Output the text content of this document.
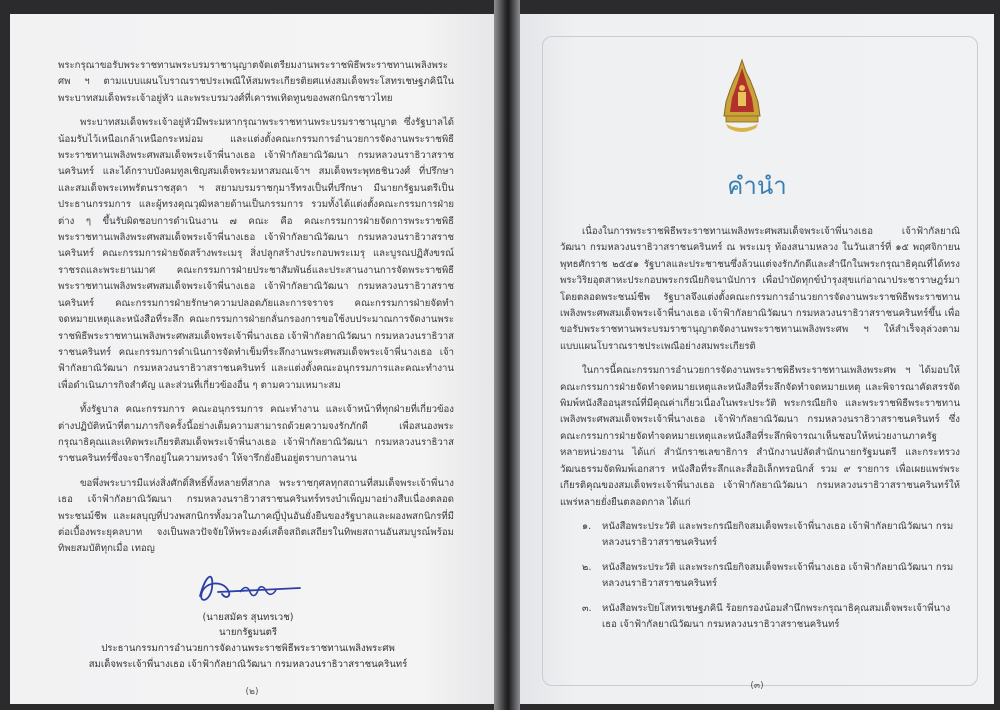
พระกรุณาขอรับพระราชทานพระบรมราชานุญาตจัดเตรียมงานพระราชพิธีพระราชทานเพลิงพระศพ ฯ ตามแบบแผนโบราณราชประเพณีให้สมพระเกียรติยศแห่งสมเด็จพระโสทรเชษฐภคินีในพระบาทสมเด็จพระเจ้าอยู่หัว และพระบรมวงศ์ที่เคารพเทิดทูนของพสกนิกรชาวไทย

พระบาทสมเด็จพระเจ้าอยู่หัวมีพระมหากรุณาพระราชทานพระบรมราชานุญาต ซึ่งรัฐบาลได้น้อมรับไว้เหนือเกล้าเหนือกระหม่อม และแต่งตั้งคณะกรรมการอำนวยการจัดงานพระราชพิธีพระราชทานเพลิงพระศพสมเด็จพระเจ้าพี่นางเธอ เจ้าฟ้ากัลยาณิวัฒนา กรมหลวงนราธิวาสราชนครินทร์ และได้กราบบังคมทูลเชิญสมเด็จพระมหาสมณเจ้าฯ สมเด็จพระพุทธชินวงศ์ ที่ปรึกษา และสมเด็จพระเทพรัตนราชสุดา ฯ สยามบรมราชกุมารีทรงเป็นที่ปรึกษา มีนายกรัฐมนตรีเป็นประธานกรรมการ และผู้ทรงคุณวุฒิหลายด้านเป็นกรรมการ รวมทั้งได้แต่งตั้งคณะกรรมการฝ่ายต่าง ๆ ขึ้นรับผิดชอบการดำเนินงาน ๗ คณะ คือ คณะกรรมการฝ่ายจัดการพระราชพิธีพระราชทานเพลิงพระศพสมเด็จพระเจ้าพี่นางเธอ เจ้าฟ้ากัลยาณิวัฒนา กรมหลวงนราธิวาสราชนครินทร์ คณะกรรมการฝ่ายจัดสร้างพระเมรุ สิ่งปลูกสร้างประกอบพระเมรุ และบูรณปฏิสังขรณ์ราชรถและพระยานมาศ คณะกรรมการฝ่ายประชาสัมพันธ์และประสานงานการจัดพระราชพิธีพระราชทานเพลิงพระศพสมเด็จพระเจ้าพี่นางเธอ เจ้าฟ้ากัลยาณิวัฒนา กรมหลวงนราธิวาสราชนครินทร์ คณะกรรมการฝ่ายรักษาความปลอดภัยและการจราจร คณะกรรมการฝ่ายจัดทำจดหมายเหตุและหนังสือที่ระลึก คณะกรรมการฝ่ายกลั่นกรองการขอใช้งบประมาณการจัดงานพระราชพิธีพระราชทานเพลิงพระศพสมเด็จพระเจ้าพี่นางเธอ เจ้าฟ้ากัลยาณิวัฒนา กรมหลวงนราธิวาสราชนครินทร์ คณะกรรมการดำเนินการจัดทำเข็มที่ระลึกงานพระศพสมเด็จพระเจ้าพี่นางเธอ เจ้าฟ้ากัลยาณิวัฒนา กรมหลวงนราธิวาสราชนครินทร์ และแต่งตั้งคณะอนุกรรมการและคณะทำงานเพื่อดำเนินภารกิจสำคัญ และส่วนที่เกี่ยวข้องอื่น ๆ ตามความเหมาะสม

ทั้งรัฐบาล คณะกรรมการ คณะอนุกรรมการ คณะทำงาน และเจ้าหน้าที่ทุกฝ่ายที่เกี่ยวข้องต่างปฏิบัติหน้าที่ตามภารกิจครั้งนี้อย่างเต็มความสามารถด้วยความจงรักภักดี เพื่อสนองพระกรุณาธิคุณและเทิดพระเกียรติสมเด็จพระเจ้าพี่นางเธอ เจ้าฟ้ากัลยาณิวัฒนา กรมหลวงนราธิวาสราชนครินทร์ซึ่งจะจารึกอยู่ในความทรงจำ ให้จารึกยั่งยืนอยู่ตราบกาลนาน

ขอพึ่งพระบารมีแห่งสิ่งศักดิ์สิทธิ์ทั้งหลายที่สากล พระราชกุศลทุกสถานที่สมเด็จพระเจ้าพี่นางเธอ เจ้าฟ้ากัลยาณิวัฒนา กรมหลวงนราธิวาสราชนครินทร์ทรงบำเพ็ญมาอย่างสืบเนื่องตลอดพระชนม์ชีพ และผลบุญที่ปวงพสกนิกรทั้งมวลในภาคญี่ปุ่นอันยั่งยืนของรัฐบาลและผองพสกนิกรที่มีต่อเบื้องพระยุคลบาท จงเป็นพลวปัจจัยให้พระองค์เสด็จสถิตเสถียรในทิพยสถานอันสมบูรณ์พร้อมทิพยสมบัติทุกเมื่อ เทอญ

(นายสมัคร สุนทรเวช)
นายกรัฐมนตรี
ประธานกรรมการอำนวยการจัดงานพระราชพิธีพระราชทานเพลิงพระศพ
สมเด็จพระเจ้าพี่นางเธอ เจ้าฟ้ากัลยาณิวัฒนา กรมหลวงนราธิวาสราชนครินทร์
(๒)
คำนำ

เนื่องในการพระราชพิธีพระราชทานเพลิงพระศพสมเด็จพระเจ้าพี่นางเธอ เจ้าฟ้ากัลยาณิวัฒนา กรมหลวงนราธิวาสราชนครินทร์ ณ พระเมรุ ท้องสนามหลวง ในวันเสาร์ที่ ๑๕ พฤศจิกายน พุทธศักราช ๒๕๕๑ รัฐบาลและประชาชนซึ่งล้วนแต่จงรักภักดีและสำนึกในพระกรุณาธิคุณที่ได้ทรงพระวิริยอุตสาหะประกอบพระกรณียกิจนานัปการ เพื่อบำบัดทุกข์บำรุงสุขแก่อาณาประชาราษฎร์มาโดยตลอดพระชนม์ชีพ รัฐบาลจึงแต่งตั้งคณะกรรมการอำนวยการจัดงานพระราชพิธีพระราชทานเพลิงพระศพสมเด็จพระเจ้าพี่นางเธอ เจ้าฟ้ากัลยาณิวัฒนา กรมหลวงนราธิวาสราชนครินทร์ขึ้น เพื่อขอรับพระราชทานพระบรมราชานุญาตจัดงานพระราชทานเพลิงพระศพ ฯ ให้สำเร็จลุล่วงตามแบบแผนโบราณราชประเพณีอย่างสมพระเกียรติ

ในการนี้คณะกรรมการอำนวยการจัดงานพระราชพิธีพระราชทานเพลิงพระศพ ฯ ได้มอบให้คณะกรรมการฝ่ายจัดทำจดหมายเหตุและหนังสือที่ระลึกจัดทำจดหมายเหตุ และพิจารณาคัดสรรจัดพิมพ์หนังสืออนุสรณ์ที่มีคุณค่าเกี่ยวเนื่องในพระประวัติ พระกรณียกิจ และพระราชพิธีพระราชทานเพลิงพระศพสมเด็จพระเจ้าพี่นางเธอ เจ้าฟ้ากัลยาณิวัฒนา กรมหลวงนราธิวาสราชนครินทร์ ซึ่งคณะกรรมการฝ่ายจัดทำจดหมายเหตุและหนังสือที่ระลึกพิจารณาเห็นชอบให้หน่วยงานภาครัฐหลายหน่วยงาน ได้แก่ สำนักราชเลขาธิการ สำนักงานปลัดสำนักนายกรัฐมนตรี และกระทรวงวัฒนธรรมจัดพิมพ์เอกสาร หนังสือที่ระลึกและสื่ออิเล็กทรอนิกส์ รวม ๙ รายการ เพื่อเผยแพร่พระเกียรติคุณของสมเด็จพระเจ้าพี่นางเธอ เจ้าฟ้ากัลยาณิวัฒนา กรมหลวงนราธิวาสราชนครินทร์ให้แพร่หลายยั่งยืนตลอดกาล ได้แก่

๑. หนังสือพระประวัติ และพระกรณียกิจสมเด็จพระเจ้าพี่นางเธอ เจ้าฟ้ากัลยาณิวัฒนา กรมหลวงนราธิวาสราชนครินทร์
๒. หนังสือพระประวัติ และพระกรณียกิจสมเด็จพระเจ้าพี่นางเธอ เจ้าฟ้ากัลยาณิวัฒนา กรมหลวงนราธิวาสราชนครินทร์
๓. หนังสือพระปิยโสทรเชษฐภคินี ร้อยกรองน้อมสำนึกพระกรุณาธิคุณสมเด็จพระเจ้าพี่นางเธอ เจ้าฟ้ากัลยาณิวัฒนา กรมหลวงนราธิวาสราชนครินทร์
(๓)
